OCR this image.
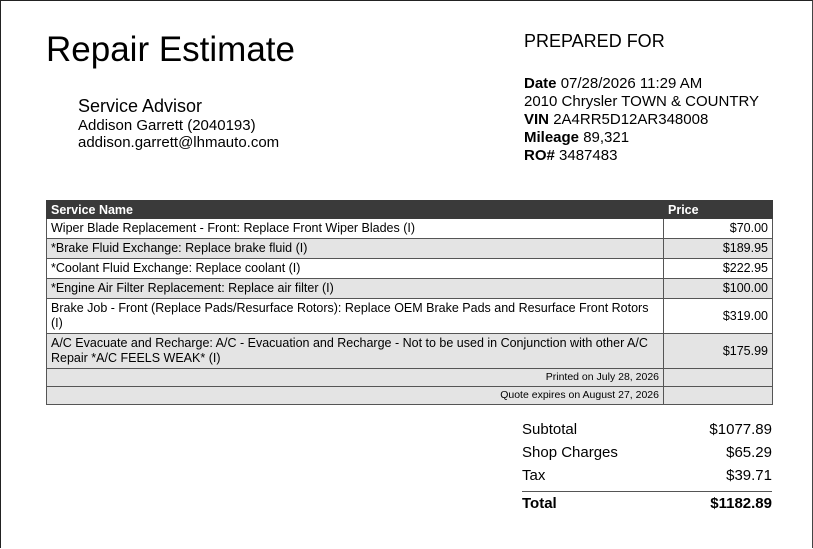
Repair Estimate
Service Advisor
Addison Garrett (2040193)
addison.garrett@lhmauto.com
PREPARED FOR
Date 07/28/2026 11:29 AM
2010 Chrysler TOWN & COUNTRY
VIN 2A4RR5D12AR348008
Mileage 89,321
RO# 3487483
Service Name	Price
Wiper Blade Replacement - Front: Replace Front Wiper Blades (I)	$70.00
*Brake Fluid Exchange: Replace brake fluid (I)	$189.95
*Coolant Fluid Exchange: Replace coolant (I)	$222.95
*Engine Air Filter Replacement: Replace air filter (I)	$100.00
Brake Job - Front (Replace Pads/Resurface Rotors): Replace OEM Brake Pads and Resurface Front Rotors (I)	$319.00
A/C Evacuate and Recharge: A/C - Evacuation and Recharge - Not to be used in Conjunction with other A/C Repair *A/C FEELS WEAK* (I)	$175.99
Printed on July 28, 2026	
Quote expires on August 27, 2026	
Subtotal	$1077.89
Shop Charges	$65.29
Tax	$39.71
Total	$1182.89
